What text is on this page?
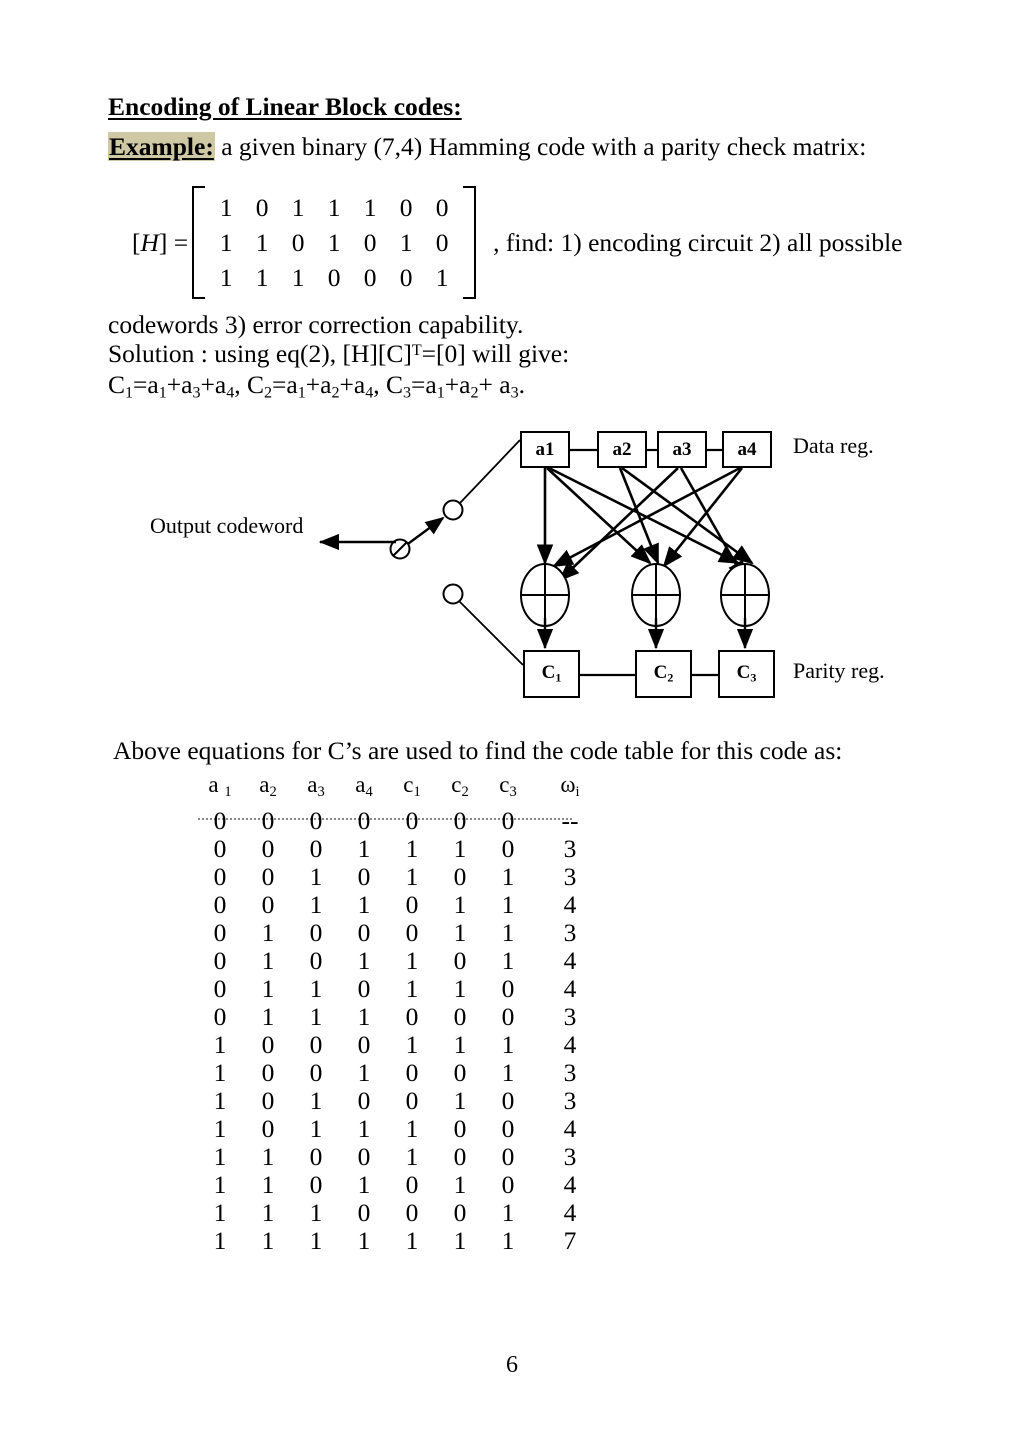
Encoding of Linear Block codes:
Example: a given binary (7,4) Hamming code with a parity check matrix:
[H] =
1 0 1 1 1 0 0
1 1 0 1 0 1 0
1 1 1 0 0 0 1
, find: 1) encoding circuit 2) all possible
codewords 3) error correction capability.
Solution : using eq(2), $[H][C]^T=[0]$ will give:
$C_1=a_1+a_3+a_4$, $C_2=a_1+a_2+a_4$, $C_3=a_1+a_2+ a_3$.
a1	a2 a3 a4
$C_1$	$C_2$	$C_3$
Data reg.
Parity reg.
Output codeword
Above equations for C’s are used to find the code table for this code as:
a $_1$	$a_2$	$a_3$	$a_4$	$c_1$	$c_2$	$c_3$	$\omega_i$
0	0	0	0	0	0	0	--
0	0	0	1	1	1	0	3
0	0	1	0	1	0	1	3
0	0	1	1	0	1	1	4
0	1	0	0	0	1	1	3
0	1	0	1	1	0	1	4
0	1	1	0	1	1	0	4
0	1	1	1	0	0	0	3
1	0	0	0	1	1	1	4
1	0	0	1	0	0	1	3
1	0	1	0	0	1	0	3
1	0	1	1	1	0	0	4
1	1	0	0	1	0	0	3
1	1	0	1	0	1	0	4
1	1	1	0	0	0	1	4
1	1	1	1	1	1	1	7
6
